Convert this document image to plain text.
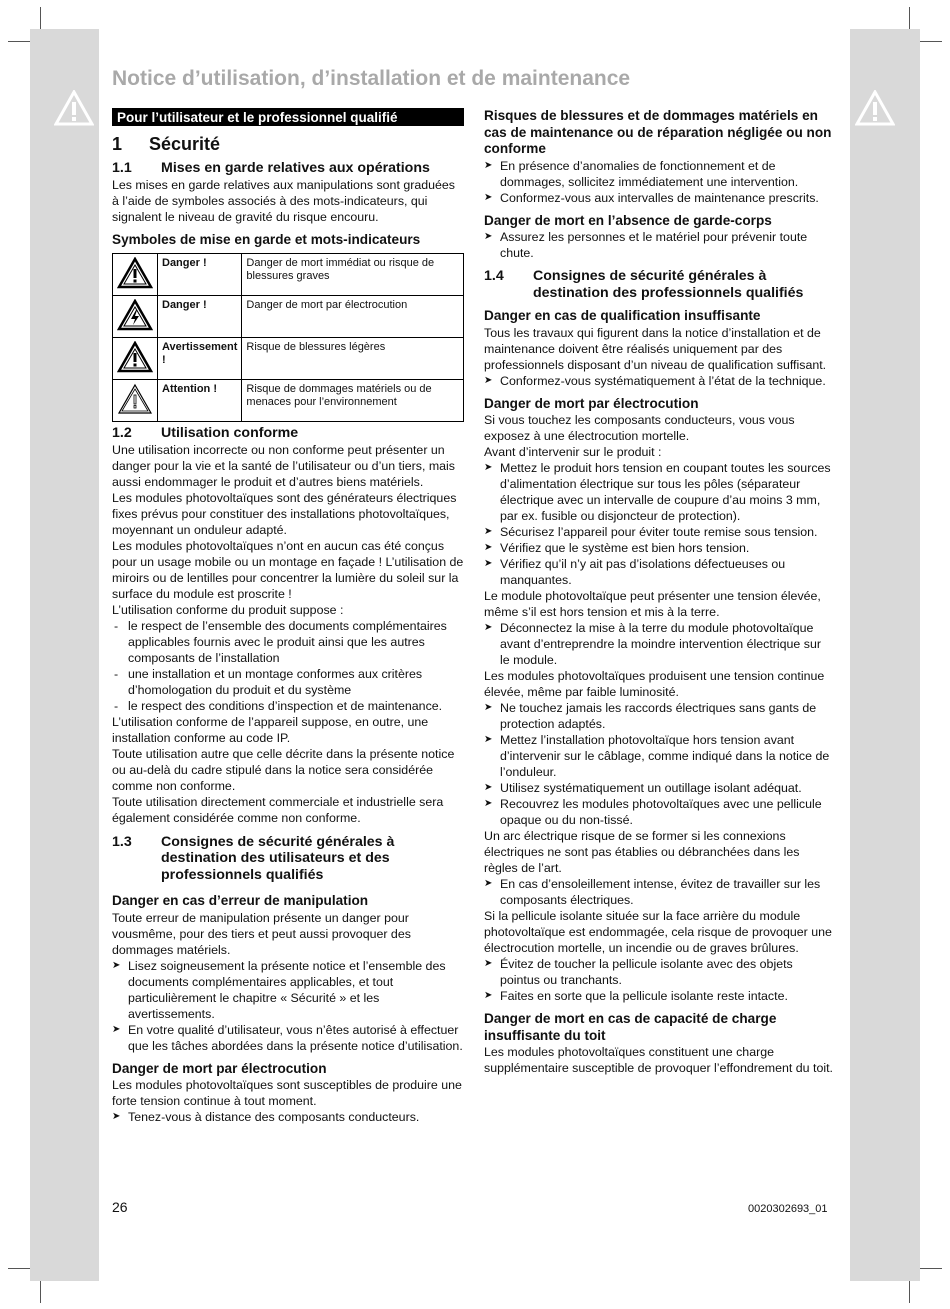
Notice d’utilisation, d’installation et de maintenance
Pour l’utilisateur et le professionnel qualifié
1	Sécurité
1.1	Mises en garde relatives aux opérations

Les mises en garde relatives aux manipulations sont graduées à l’aide de symboles associés à des mots-indicateurs, qui signalent le niveau de gravité du risque encouru.

Symboles de mise en garde et mots-indicateurs
	Danger !	Danger de mort immédiat ou risque de blessures graves
	Danger !	Danger de mort par électrocution
	Avertissement !	Risque de blessures légères
	Attention !	Risque de dommages matériels ou de menaces pour l’environnement
1.2	Utilisation conforme

Une utilisation incorrecte ou non conforme peut présenter un danger pour la vie et la santé de l’utilisateur ou d’un tiers, mais aussi endommager le produit et d’autres biens matériels.

Les modules photovoltaïques sont des générateurs électriques fixes prévus pour constituer des installations photovoltaïques, moyennant un onduleur adapté.

Les modules photovoltaïques n’ont en aucun cas été conçus pour un usage mobile ou un montage en façade ! L’utilisation de miroirs ou de lentilles pour concentrer la lumière du soleil sur la surface du module est proscrite !

L’utilisation conforme du produit suppose :

- le respect de l’ensemble des documents complémentaires applicables fournis avec le produit ainsi que les autres composants de l’installation
- une installation et un montage conformes aux critères d’homologation du produit et du système
- le respect des conditions d’inspection et de maintenance.

L’utilisation conforme de l’appareil suppose, en outre, une installation conforme au code IP.

Toute utilisation autre que celle décrite dans la présente notice ou au-delà du cadre stipulé dans la notice sera considérée comme non conforme.

Toute utilisation directement commerciale et industrielle sera également considérée comme non conforme.

1.3	Consignes de sécurité générales à destination des utilisateurs et des professionnels qualifiés
Danger en cas d’erreur de manipulation

Toute erreur de manipulation présente un danger pour vousmême, pour des tiers et peut aussi provoquer des dommages matériels.

➤ Lisez soigneusement la présente notice et l’ensemble des documents complémentaires applicables, et tout particulièrement le chapitre « Sécurité » et les avertissements.
➤ En votre qualité d’utilisateur, vous n’êtes autorisé à effectuer que les tâches abordées dans la présente notice d’utilisation.
Danger de mort par électrocution

Les modules photovoltaïques sont susceptibles de produire une forte tension continue à tout moment.

➤ Tenez-vous à distance des composants conducteurs.
Risques de blessures et de dommages matériels en cas de maintenance ou de réparation négligée ou non conforme
➤ En présence d’anomalies de fonctionnement et de dommages, sollicitez immédiatement une intervention.
➤ Conformez-vous aux intervalles de maintenance prescrits.
Danger de mort en l’absence de garde-corps
➤ Assurez les personnes et le matériel pour prévenir toute chute.
1.4	Consignes de sécurité générales à destination des professionnels qualifiés
Danger en cas de qualification insuffisante

Tous les travaux qui figurent dans la notice d’installation et de maintenance doivent être réalisés uniquement par des professionnels disposant d’un niveau de qualification suffisant.

➤ Conformez-vous systématiquement à l’état de la technique.
Danger de mort par électrocution

Si vous touchez les composants conducteurs, vous vous exposez à une électrocution mortelle.

Avant d’intervenir sur le produit :

➤ Mettez le produit hors tension en coupant toutes les sources d’alimentation électrique sur tous les pôles (séparateur électrique avec un intervalle de coupure d’au moins 3 mm, par ex. fusible ou disjoncteur de protection).
➤ Sécurisez l’appareil pour éviter toute remise sous tension.
➤ Vérifiez que le système est bien hors tension.
➤ Vérifiez qu’il n’y ait pas d’isolations défectueuses ou manquantes.

Le module photovoltaïque peut présenter une tension élevée, même s’il est hors tension et mis à la terre.

➤ Déconnectez la mise à la terre du module photovoltaïque avant d’entreprendre la moindre intervention électrique sur le module.

Les modules photovoltaïques produisent une tension continue élevée, même par faible luminosité.

➤ Ne touchez jamais les raccords électriques sans gants de protection adaptés.
➤ Mettez l’installation photovoltaïque hors tension avant d’intervenir sur le câblage, comme indiqué dans la notice de l’onduleur.
➤ Utilisez systématiquement un outillage isolant adéquat.
➤ Recouvrez les modules photovoltaïques avec une pellicule opaque ou du non-tissé.

Un arc électrique risque de se former si les connexions électriques ne sont pas établies ou débranchées dans les règles de l’art.

➤ En cas d’ensoleillement intense, évitez de travailler sur les composants électriques.

Si la pellicule isolante située sur la face arrière du module photovoltaïque est endommagée, cela risque de provoquer une électrocution mortelle, un incendie ou de graves brûlures.

➤ Évitez de toucher la pellicule isolante avec des objets pointus ou tranchants.
➤ Faites en sorte que la pellicule isolante reste intacte.
Danger de mort en cas de capacité de charge insuffisante du toit

Les modules photovoltaïques constituent une charge supplémentaire susceptible de provoquer l’effondrement du toit.

26	0020302693_01
